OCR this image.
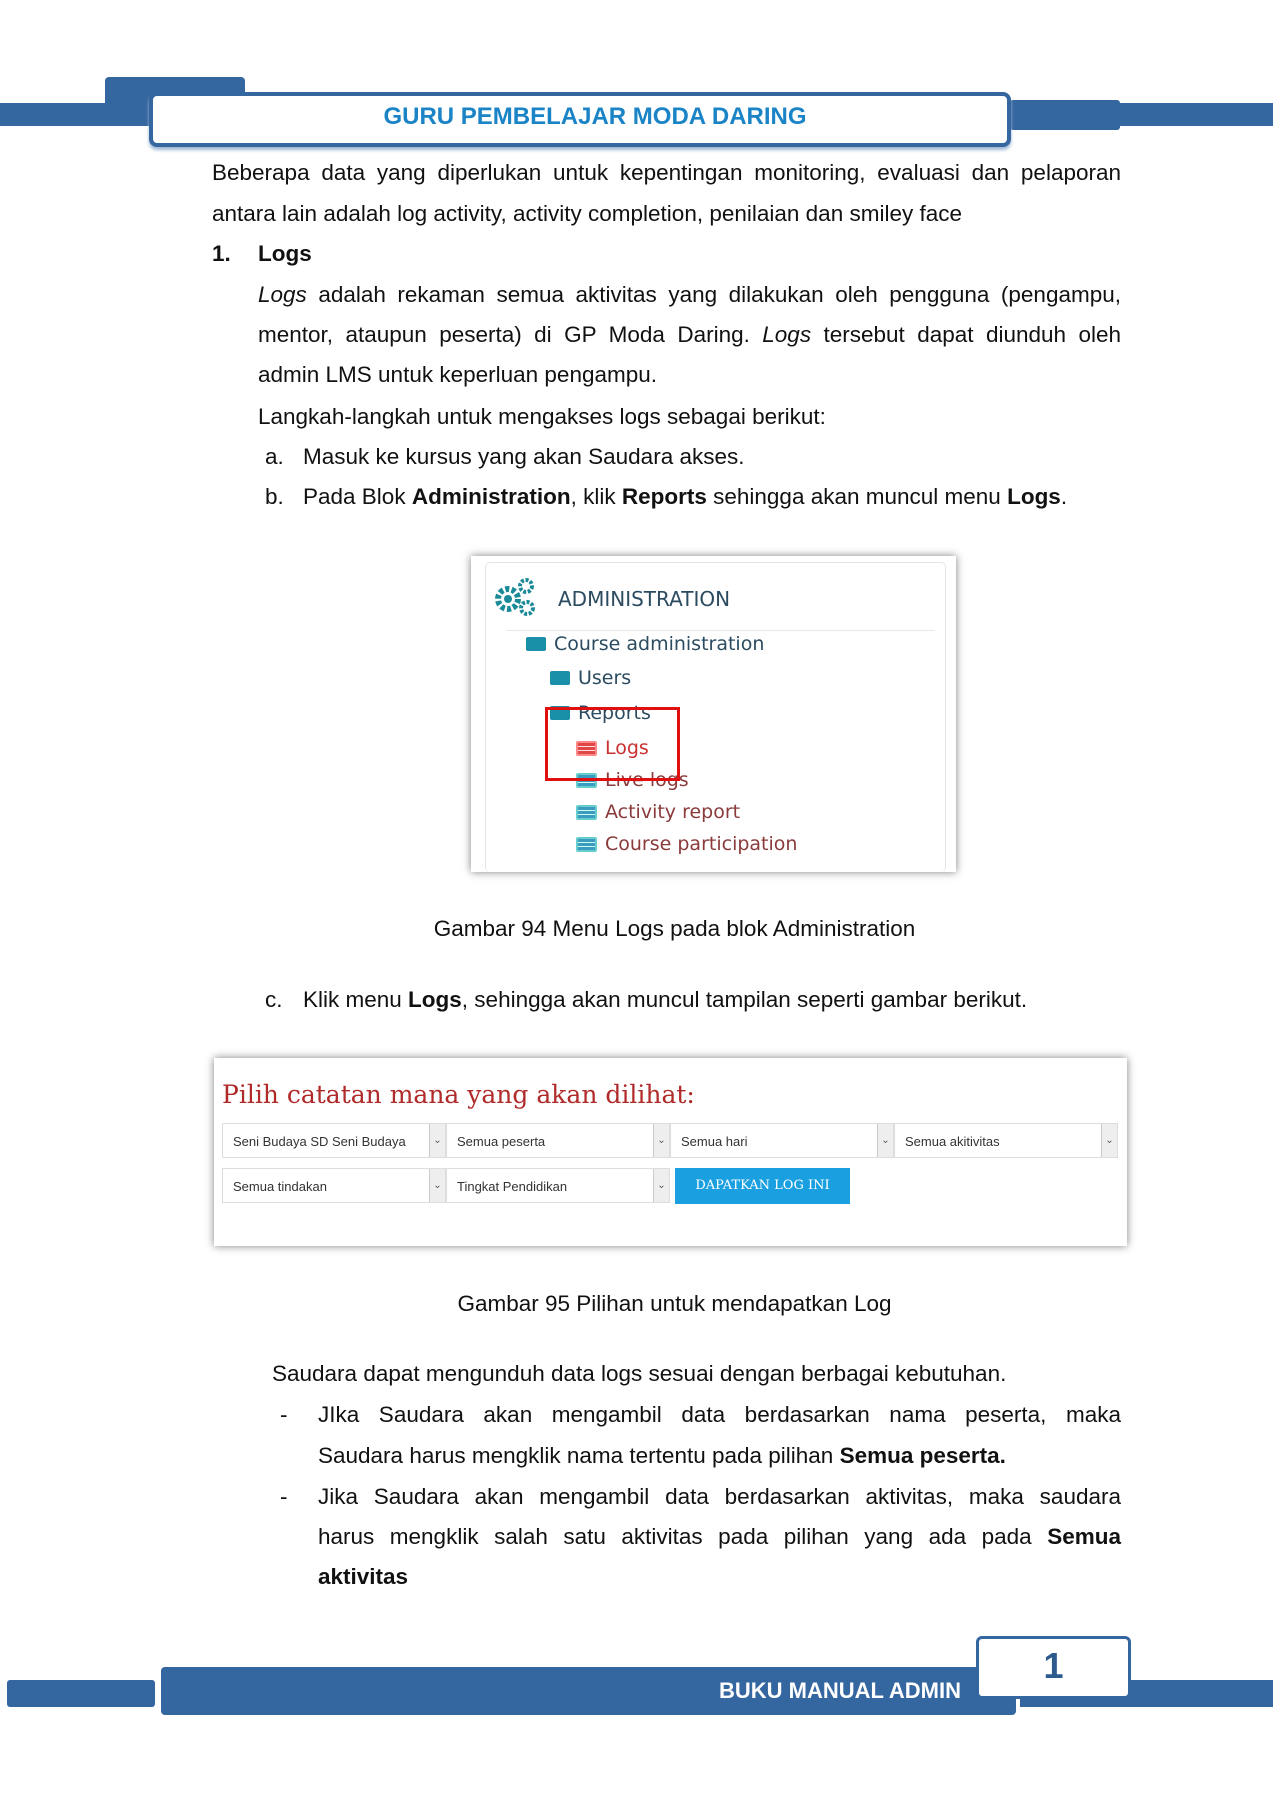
GURU PEMBELAJAR MODA DARING
Beberapa data yang diperlukan untuk kepentingan monitoring, evaluasi dan pelaporan
antara lain adalah log activity, activity completion, penilaian dan smiley face
1. Logs
Logs adalah rekaman semua aktivitas yang dilakukan oleh pengguna (pengampu,
mentor, ataupun peserta) di GP Moda Daring. Logs tersebut dapat diunduh oleh
admin LMS untuk keperluan pengampu.
Langkah-langkah untuk mengakses logs sebagai berikut:
a. Masuk ke kursus yang akan Saudara akses.
b. Pada Blok Administration, klik Reports sehingga akan muncul menu Logs.
ADMINISTRATION
Course administration
Users
Reports
Logs
Live logs
Activity report
Course participation
Gambar 94 Menu Logs pada blok Administration
c. Klik menu Logs, sehingga akan muncul tampilan seperti gambar berikut.
Pilih catatan mana yang akan dilihat:
Seni Budaya SD Seni Budaya	⌄	Semua peserta	⌄	Semua hari	⌄	Semua akitivitas	⌄
Semua tindakan	⌄	Tingkat Pendidikan	⌄	DAPATKAN LOG INI
Gambar 95 Pilihan untuk mendapatkan Log
Saudara dapat mengunduh data logs sesuai dengan berbagai kebutuhan.
- JIka Saudara akan mengambil data berdasarkan nama peserta, maka
Saudara harus mengklik nama tertentu pada pilihan Semua peserta.
- Jika Saudara akan mengambil data berdasarkan aktivitas, maka saudara
harus mengklik salah satu aktivitas pada pilihan yang ada pada Semua
aktivitas
1
BUKU MANUAL ADMIN
